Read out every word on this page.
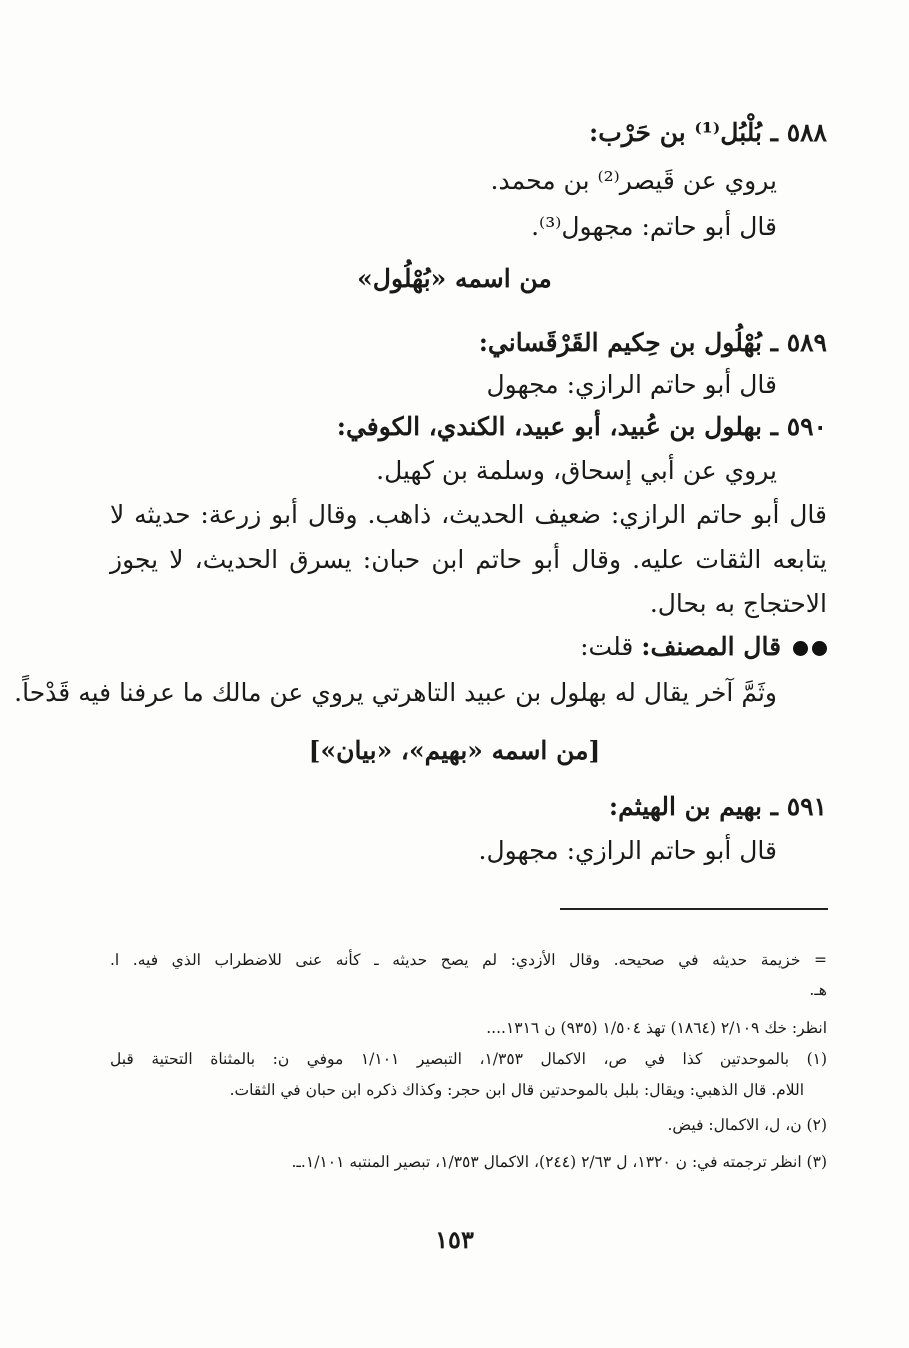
٥٨٨ ـ بُلْبُل⁽¹⁾ بن حَرْب:
يروي عن قَيصر⁽²⁾ بن محمد.
قال أبو حاتم: مجهول⁽³⁾.
من اسمه «بُهْلُول»
٥٨٩ ـ بُهْلُول بن حِكيم القَرْقَساني:
قال أبو حاتم الرازي: مجهول
٥٩٠ ـ بهلول بن عُبيد، أبو عبيد، الكندي، الكوفي:
يروي عن أبي إسحاق، وسلمة بن كهيل.
قال أبو حاتم الرازي: ضعيف الحديث، ذاهب. وقال أبو زرعة: حديثه لا
يتابعه الثقات عليه. وقال أبو حاتم ابن حبان: يسرق الحديث، لا يجوز
الاحتجاج به بحال.
قال المصنف: قلت:
وثَمَّ آخر يقال له بهلول بن عبيد التاهرتي يروي عن مالك ما عرفنا فيه قَدْحاً.
[من اسمه «بهيم»، «بيان»]
٥٩١ ـ بهيم بن الهيثم:
قال أبو حاتم الرازي: مجهول.
= خزيمة حديثه في صحيحه. وقال الأزدي: لم يصح حديثه ـ كأنه عنى للاضطراب الذي فيه. ا.
هـ.
انظر: خك ٢/١٠٩ (١٨٦٤) تهذ ١/٥٠٤ (٩٣٥) ن ١٣١٦....
(١) بالموحدتين كذا في ص، الاكمال ١/٣٥٣، التبصير ١/١٠١ موفي ن: بالمثناة التحتية قبل
اللام. قال الذهبي: ويقال: بلبل بالموحدتين قال ابن حجر: وكذاك ذكره ابن حبان في الثقات.
(٢) ن، ل، الاكمال: فيض.
(٣) انظر ترجمته في: ن ١٣٢٠، ل ٢/٦٣ (٢٤٤)، الاكمال ١/٣٥٣، تبصير المنتبه ١/١٠١.ـ.
١٥٣
